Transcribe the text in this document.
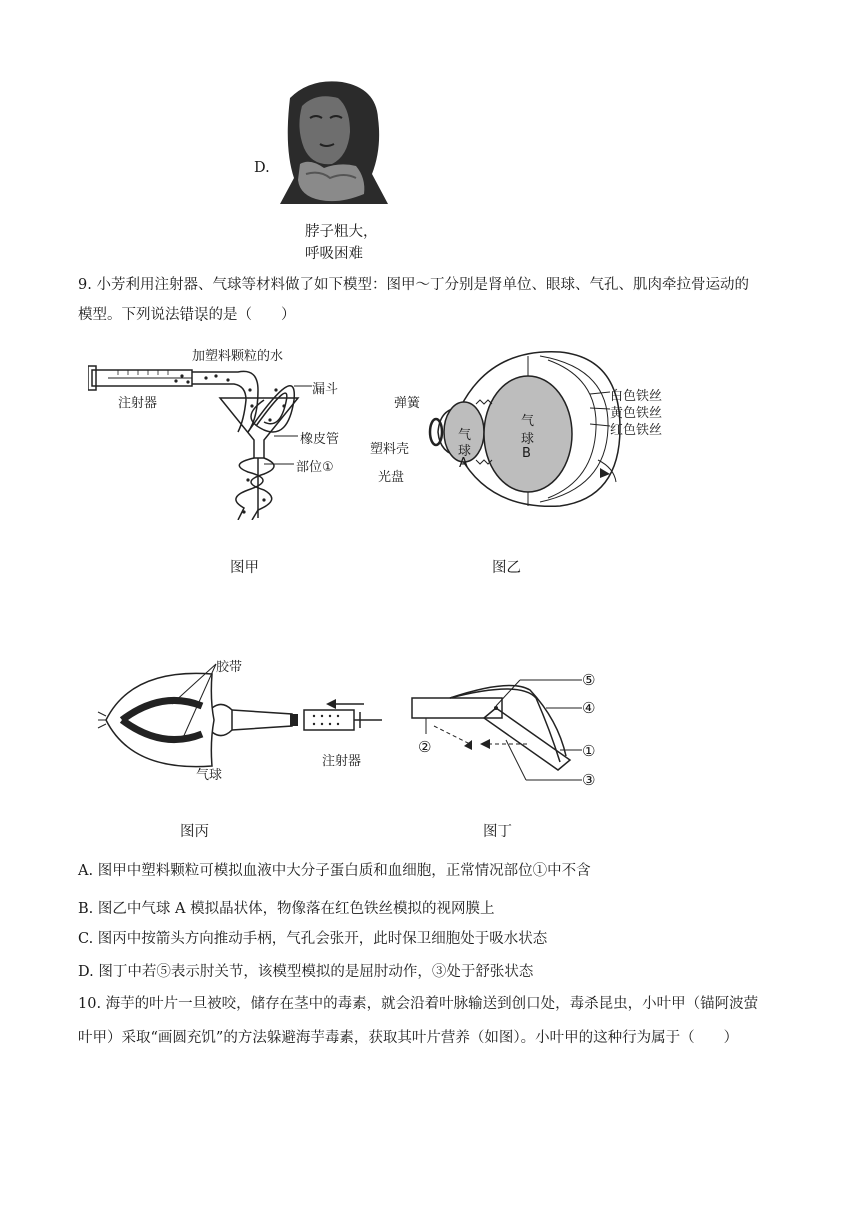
D.
脖子粗大，
呼吸困难
9. 小芳利用注射器、气球等材料做了如下模型：图甲～丁分别是肾单位、眼球、气孔、肌肉牵拉骨运动的
模型。下列说法错误的是（　　）
加塑料颗粒的水
漏斗
注射器
橡皮管
部位①
图甲
弹簧
塑料壳
光盘
白色铁丝
黄色铁丝
红色铁丝
气
球
A
气
球
B
图乙
胶带
气球
注射器
图丙
⑤
④
①
③
②
图丁
A. 图甲中塑料颗粒可模拟血液中大分子蛋白质和血细胞，正常情况部位①中不含
B. 图乙中气球 A 模拟晶状体，物像落在红色铁丝模拟的视网膜上
C. 图丙中按箭头方向推动手柄，气孔会张开，此时保卫细胞处于吸水状态
D. 图丁中若⑤表示肘关节，该模型模拟的是屈肘动作，③处于舒张状态
10. 海芋的叶片一旦被咬，储存在茎中的毒素，就会沿着叶脉输送到创口处，毒杀昆虫，小叶甲（锚阿波萤
叶甲）采取“画圆充饥”的方法躲避海芋毒素，获取其叶片营养（如图）。小叶甲的这种行为属于（　　）
